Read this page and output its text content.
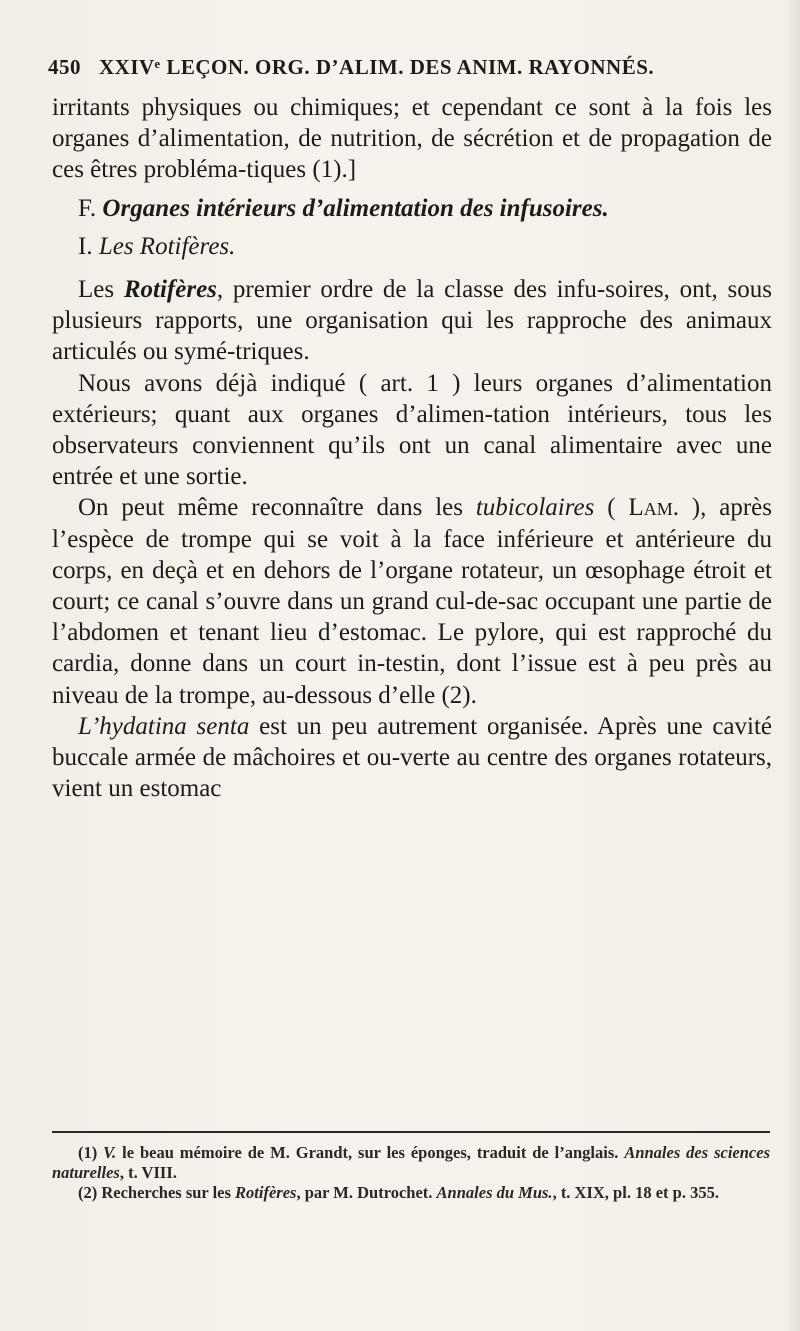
450 XXIVᵉ LEÇON. ORG. D’ALIM. DES ANIM. RAYONNÉS.

irritants physiques ou chimiques; et cependant ce sont à la fois les organes d’alimentation, de nutrition, de sécrétion et de propagation de ces êtres probléma-tiques (1).]

F. Organes intérieurs d’alimentation des infusoires.

I. Les Rotifères.

Les Rotifères, premier ordre de la classe des infu-soires, ont, sous plusieurs rapports, une organisation qui les rapproche des animaux articulés ou symé-triques.

Nous avons déjà indiqué ( art. 1 ) leurs organes d’alimentation extérieurs; quant aux organes d’alimen-tation intérieurs, tous les observateurs conviennent qu’ils ont un canal alimentaire avec une entrée et une sortie.

On peut même reconnaître dans les tubicolaires ( Lam. ), après l’espèce de trompe qui se voit à la face inférieure et antérieure du corps, en deçà et en dehors de l’organe rotateur, un œsophage étroit et court; ce canal s’ouvre dans un grand cul-de-sac occupant une partie de l’abdomen et tenant lieu d’estomac. Le pylore, qui est rapproché du cardia, donne dans un court in-testin, dont l’issue est à peu près au niveau de la trompe, au-dessous d’elle (2).

L’hydatina senta est un peu autrement organisée. Après une cavité buccale armée de mâchoires et ou-verte au centre des organes rotateurs, vient un estomac

(1) V. le beau mémoire de M. Grandt, sur les éponges, traduit de l’anglais. Annales des sciences naturelles, t. VIII.

(2) Recherches sur les Rotifères, par M. Dutrochet. Annales du Mus., t. XIX, pl. 18 et p. 355.
